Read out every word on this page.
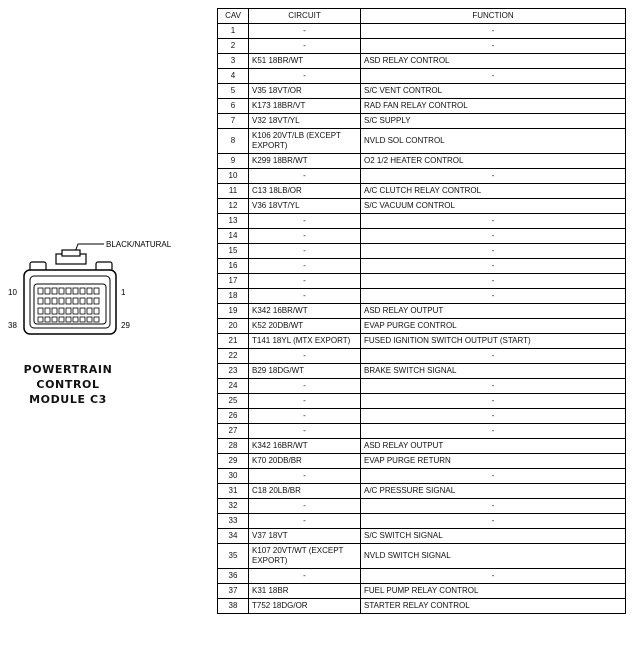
BLACK/NATURAL
10	1
38	29
POWERTRAIN
CONTROL
MODULE C3
CAV	CIRCUIT	FUNCTION
1	-	-
2	-	-
3	K51 18BR/WT	ASD RELAY CONTROL
4	-	-
5	V35 18VT/OR	S/C VENT CONTROL
6	K173 18BR/VT	RAD FAN RELAY CONTROL
7	V32 18VT/YL	S/C SUPPLY
8	K106 20VT/LB (EXCEPT EXPORT)	NVLD SOL CONTROL
9	K299 18BR/WT	O2 1/2 HEATER CONTROL
10	-	-
11	C13 18LB/OR	A/C CLUTCH RELAY CONTROL
12	V36 18VT/YL	S/C VACUUM CONTROL
13	-	-
14	-	-
15	-	-
16	-	-
17	-	-
18	-	-
19	K342 16BR/WT	ASD RELAY OUTPUT
20	K52 20DB/WT	EVAP PURGE CONTROL
21	T141 18YL (MTX EXPORT)	FUSED IGNITION SWITCH OUTPUT (START)
22	-	-
23	B29 18DG/WT	BRAKE SWITCH SIGNAL
24	-	-
25	-	-
26	-	-
27	-	-
28	K342 16BR/WT	ASD RELAY OUTPUT
29	K70 20DB/BR	EVAP PURGE RETURN
30	-	-
31	C18 20LB/BR	A/C PRESSURE SIGNAL
32	-	-
33	-	-
34	V37 18VT	S/C SWITCH SIGNAL
35	K107 20VT/WT (EXCEPT EXPORT)	NVLD SWITCH SIGNAL
36	-	-
37	K31 18BR	FUEL PUMP RELAY CONTROL
38	T752 18DG/OR	STARTER RELAY CONTROL
